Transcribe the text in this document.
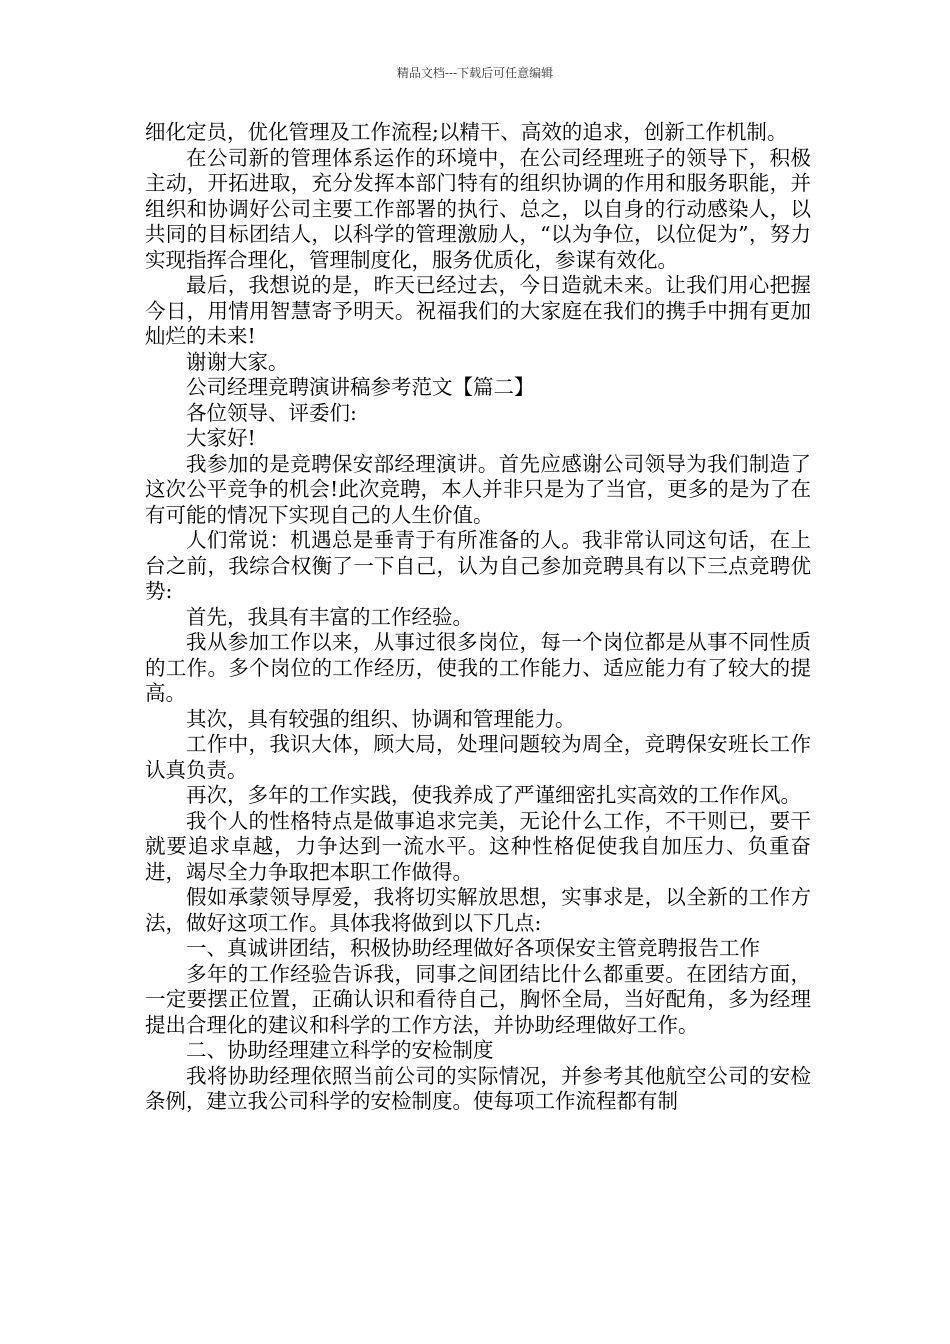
精品文档---下载后可任意编辑

细化定员，优化管理及工作流程;以精干、高效的追求，创新工作机制。

在公司新的管理体系运作的环境中，在公司经理班子的领导下，积极主动，开拓进取，充分发挥本部门特有的组织协调的作用和服务职能，并组织和协调好公司主要工作部署的执行、总之，以自身的行动感染人，以共同的目标团结人，以科学的管理激励人，“以为争位，以位促为”，努力实现指挥合理化，管理制度化，服务优质化，参谋有效化。

最后，我想说的是，昨天已经过去，今日造就未来。让我们用心把握今日，用情用智慧寄予明天。祝福我们的大家庭在我们的携手中拥有更加灿烂的未来!

谢谢大家。

公司经理竞聘演讲稿参考范文【篇二】

各位领导、评委们:

大家好!

我参加的是竞聘保安部经理演讲。首先应感谢公司领导为我们制造了这次公平竞争的机会!此次竞聘，本人并非只是为了当官，更多的是为了在有可能的情况下实现自己的人生价值。

人们常说：机遇总是垂青于有所准备的人。我非常认同这句话，在上台之前，我综合权衡了一下自己，认为自己参加竞聘具有以下三点竞聘优势:

首先，我具有丰富的工作经验。

我从参加工作以来，从事过很多岗位，每一个岗位都是从事不同性质的工作。多个岗位的工作经历，使我的工作能力、适应能力有了较大的提高。

其次，具有较强的组织、协调和管理能力。

工作中，我识大体，顾大局，处理问题较为周全，竞聘保安班长工作认真负责。

再次，多年的工作实践，使我养成了严谨细密扎实高效的工作作风。

我个人的性格特点是做事追求完美，无论什么工作，不干则已，要干就要追求卓越，力争达到一流水平。这种性格促使我自加压力、负重奋进，竭尽全力争取把本职工作做得。

假如承蒙领导厚爱，我将切实解放思想，实事求是，以全新的工作方法，做好这项工作。具体我将做到以下几点:

一、真诚讲团结，积极协助经理做好各项保安主管竞聘报告工作

多年的工作经验告诉我，同事之间团结比什么都重要。在团结方面，一定要摆正位置，正确认识和看待自己，胸怀全局，当好配角，多为经理提出合理化的建议和科学的工作方法，并协助经理做好工作。

二、协助经理建立科学的安检制度

我将协助经理依照当前公司的实际情况，并参考其他航空公司的安检条例，建立我公司科学的安检制度。使每项工作流程都有制
